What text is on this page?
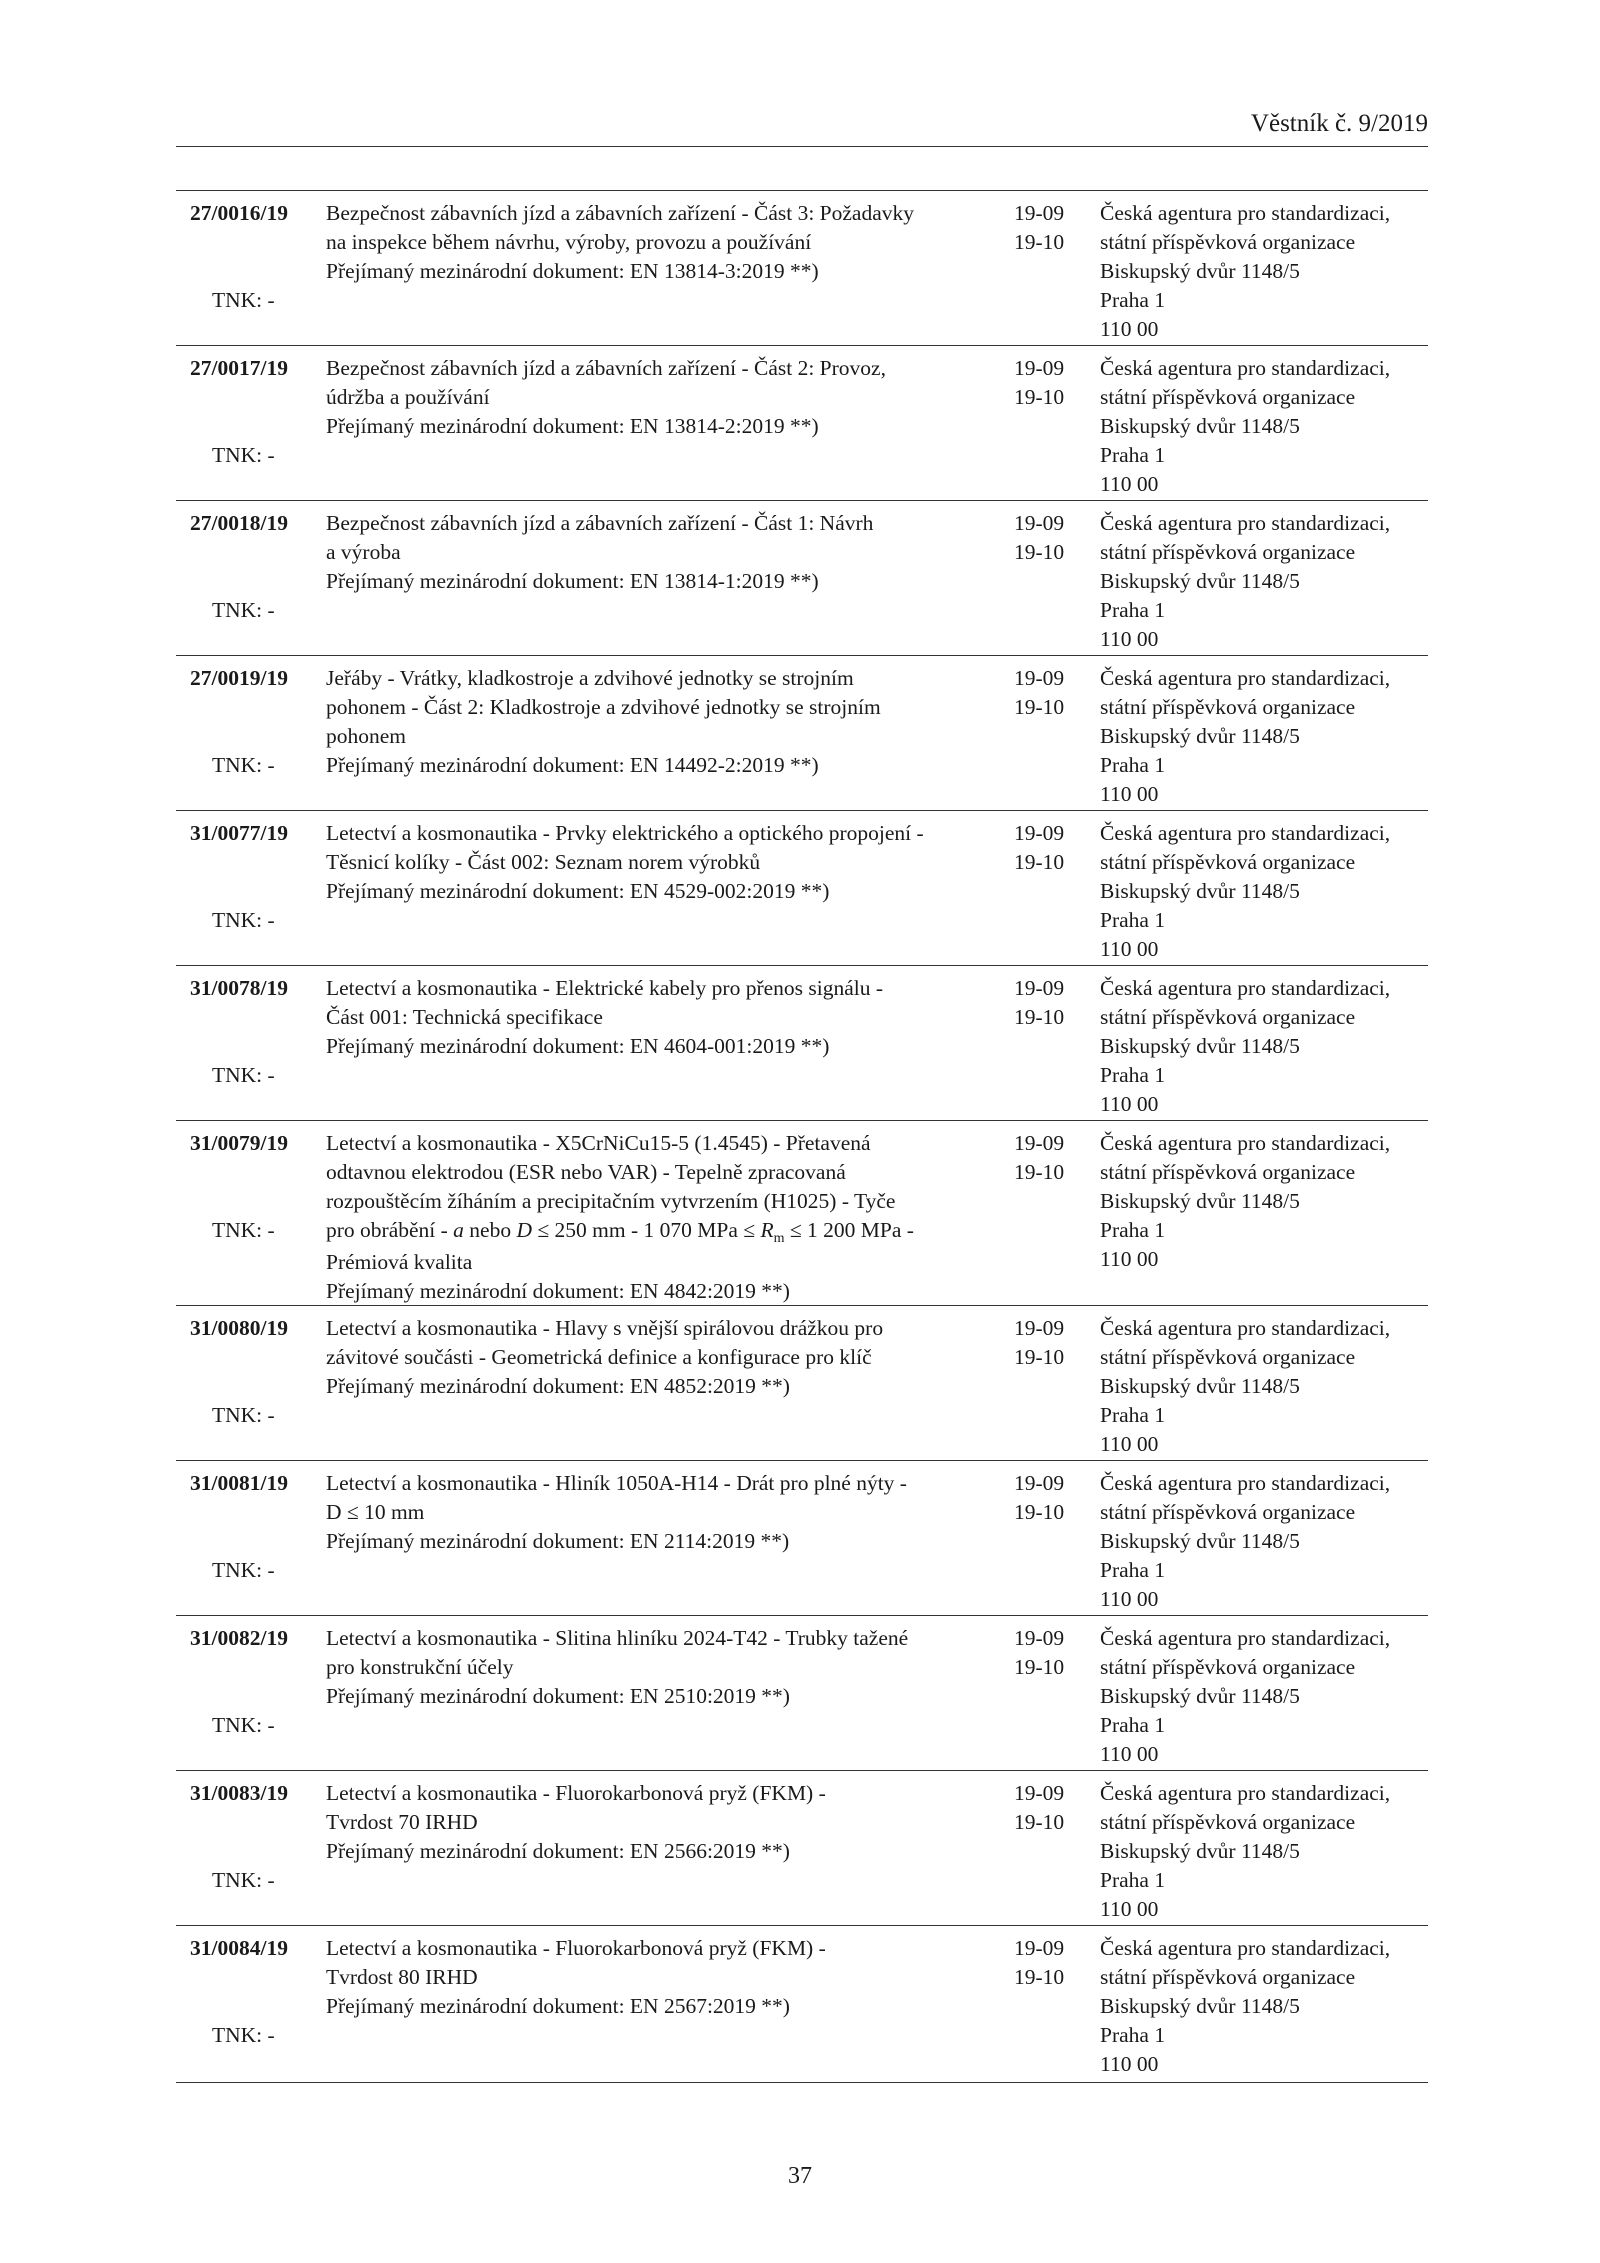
Věstník č. 9/2019
27/0016/19
TNK: -
Bezpečnost zábavních jízd a zábavních zařízení - Část 3: Požadavky
na inspekce během návrhu, výroby, provozu a používání
Přejímaný mezinárodní dokument: EN 13814-3:2019 **)
19-09
19-10
Česká agentura pro standardizaci,
státní příspěvková organizace
Biskupský dvůr 1148/5
Praha 1
110 00
27/0017/19
TNK: -
Bezpečnost zábavních jízd a zábavních zařízení - Část 2: Provoz,
údržba a používání
Přejímaný mezinárodní dokument: EN 13814-2:2019 **)
19-09
19-10
Česká agentura pro standardizaci,
státní příspěvková organizace
Biskupský dvůr 1148/5
Praha 1
110 00
27/0018/19
TNK: -
Bezpečnost zábavních jízd a zábavních zařízení - Část 1: Návrh
a výroba
Přejímaný mezinárodní dokument: EN 13814-1:2019 **)
19-09
19-10
Česká agentura pro standardizaci,
státní příspěvková organizace
Biskupský dvůr 1148/5
Praha 1
110 00
27/0019/19
TNK: -
Jeřáby - Vrátky, kladkostroje a zdvihové jednotky se strojním
pohonem - Část 2: Kladkostroje a zdvihové jednotky se strojním
pohonem
Přejímaný mezinárodní dokument: EN 14492-2:2019 **)
19-09
19-10
Česká agentura pro standardizaci,
státní příspěvková organizace
Biskupský dvůr 1148/5
Praha 1
110 00
31/0077/19
TNK: -
Letectví a kosmonautika - Prvky elektrického a optického propojení -
Těsnicí kolíky - Část 002: Seznam norem výrobků
Přejímaný mezinárodní dokument: EN 4529-002:2019 **)
19-09
19-10
Česká agentura pro standardizaci,
státní příspěvková organizace
Biskupský dvůr 1148/5
Praha 1
110 00
31/0078/19
TNK: -
Letectví a kosmonautika - Elektrické kabely pro přenos signálu -
Část 001: Technická specifikace
Přejímaný mezinárodní dokument: EN 4604-001:2019 **)
19-09
19-10
Česká agentura pro standardizaci,
státní příspěvková organizace
Biskupský dvůr 1148/5
Praha 1
110 00
31/0079/19
TNK: -
Letectví a kosmonautika - X5CrNiCu15-5 (1.4545) - Přetavená
odtavnou elektrodou (ESR nebo VAR) - Tepelně zpracovaná
rozpouštěcím žíháním a precipitačním vytvrzením (H1025) - Tyče
pro obrábění - a nebo D ≤ 250 mm - 1 070 MPa ≤ $R_m \le 1$ 200 MPa -
Prémiová kvalita
Přejímaný mezinárodní dokument: EN 4842:2019 **)
19-09
19-10
Česká agentura pro standardizaci,
státní příspěvková organizace
Biskupský dvůr 1148/5
Praha 1
110 00
31/0080/19
TNK: -
Letectví a kosmonautika - Hlavy s vnější spirálovou drážkou pro
závitové součásti - Geometrická definice a konfigurace pro klíč
Přejímaný mezinárodní dokument: EN 4852:2019 **)
19-09
19-10
Česká agentura pro standardizaci,
státní příspěvková organizace
Biskupský dvůr 1148/5
Praha 1
110 00
31/0081/19
TNK: -
Letectví a kosmonautika - Hliník 1050A-H14 - Drát pro plné nýty -
D ≤ 10 mm
Přejímaný mezinárodní dokument: EN 2114:2019 **)
19-09
19-10
Česká agentura pro standardizaci,
státní příspěvková organizace
Biskupský dvůr 1148/5
Praha 1
110 00
31/0082/19
TNK: -
Letectví a kosmonautika - Slitina hliníku 2024-T42 - Trubky tažené
pro konstrukční účely
Přejímaný mezinárodní dokument: EN 2510:2019 **)
19-09
19-10
Česká agentura pro standardizaci,
státní příspěvková organizace
Biskupský dvůr 1148/5
Praha 1
110 00
31/0083/19
TNK: -
Letectví a kosmonautika - Fluorokarbonová pryž (FKM) -
Tvrdost 70 IRHD
Přejímaný mezinárodní dokument: EN 2566:2019 **)
19-09
19-10
Česká agentura pro standardizaci,
státní příspěvková organizace
Biskupský dvůr 1148/5
Praha 1
110 00
31/0084/19
TNK: -
Letectví a kosmonautika - Fluorokarbonová pryž (FKM) -
Tvrdost 80 IRHD
Přejímaný mezinárodní dokument: EN 2567:2019 **)
19-09
19-10
Česká agentura pro standardizaci,
státní příspěvková organizace
Biskupský dvůr 1148/5
Praha 1
110 00
37
